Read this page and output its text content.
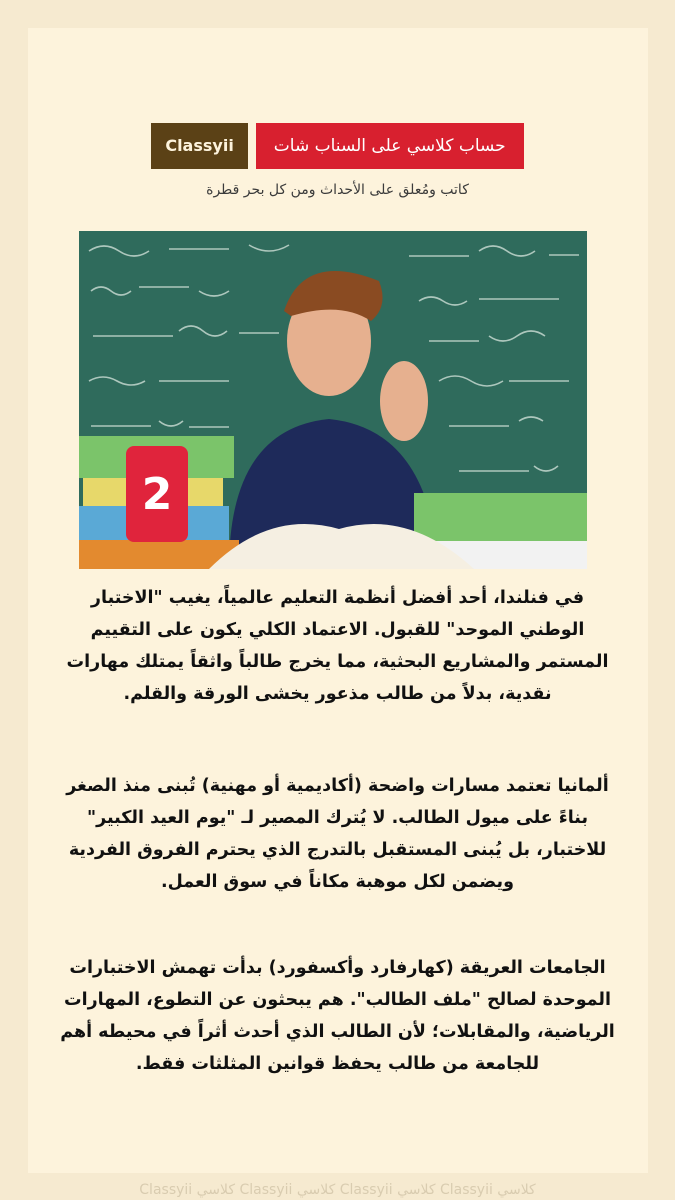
Classyii	حساب كلاسي على السناب شات
كاتب ومُعلق على الأحداث ومن كل بحر قطرة
2
في فنلندا، أحد أفضل أنظمة التعليم عالمياً، يغيب "الاختبار الوطني الموحد" للقبول. الاعتماد الكلي يكون على التقييم المستمر والمشاريع البحثية، مما يخرج طالباً واثقاً يمتلك مهارات نقدية، بدلاً من طالب مذعور يخشى الورقة والقلم.
ألمانيا تعتمد مسارات واضحة (أكاديمية أو مهنية) تُبنى منذ الصغر بناءً على ميول الطالب. لا يُترك المصير لـ "يوم العيد الكبير" للاختبار، بل يُبنى المستقبل بالتدرج الذي يحترم الفروق الفردية ويضمن لكل موهبة مكاناً في سوق العمل.
الجامعات العريقة (كهارفارد وأكسفورد) بدأت تهمش الاختبارات الموحدة لصالح "ملف الطالب". هم يبحثون عن التطوع، المهارات الرياضية، والمقابلات؛ لأن الطالب الذي أحدث أثراً في محيطه أهم للجامعة من طالب يحفظ قوانين المثلثات فقط.
Classyii كلاسي Classyii كلاسي Classyii كلاسي Classyii كلاسي
